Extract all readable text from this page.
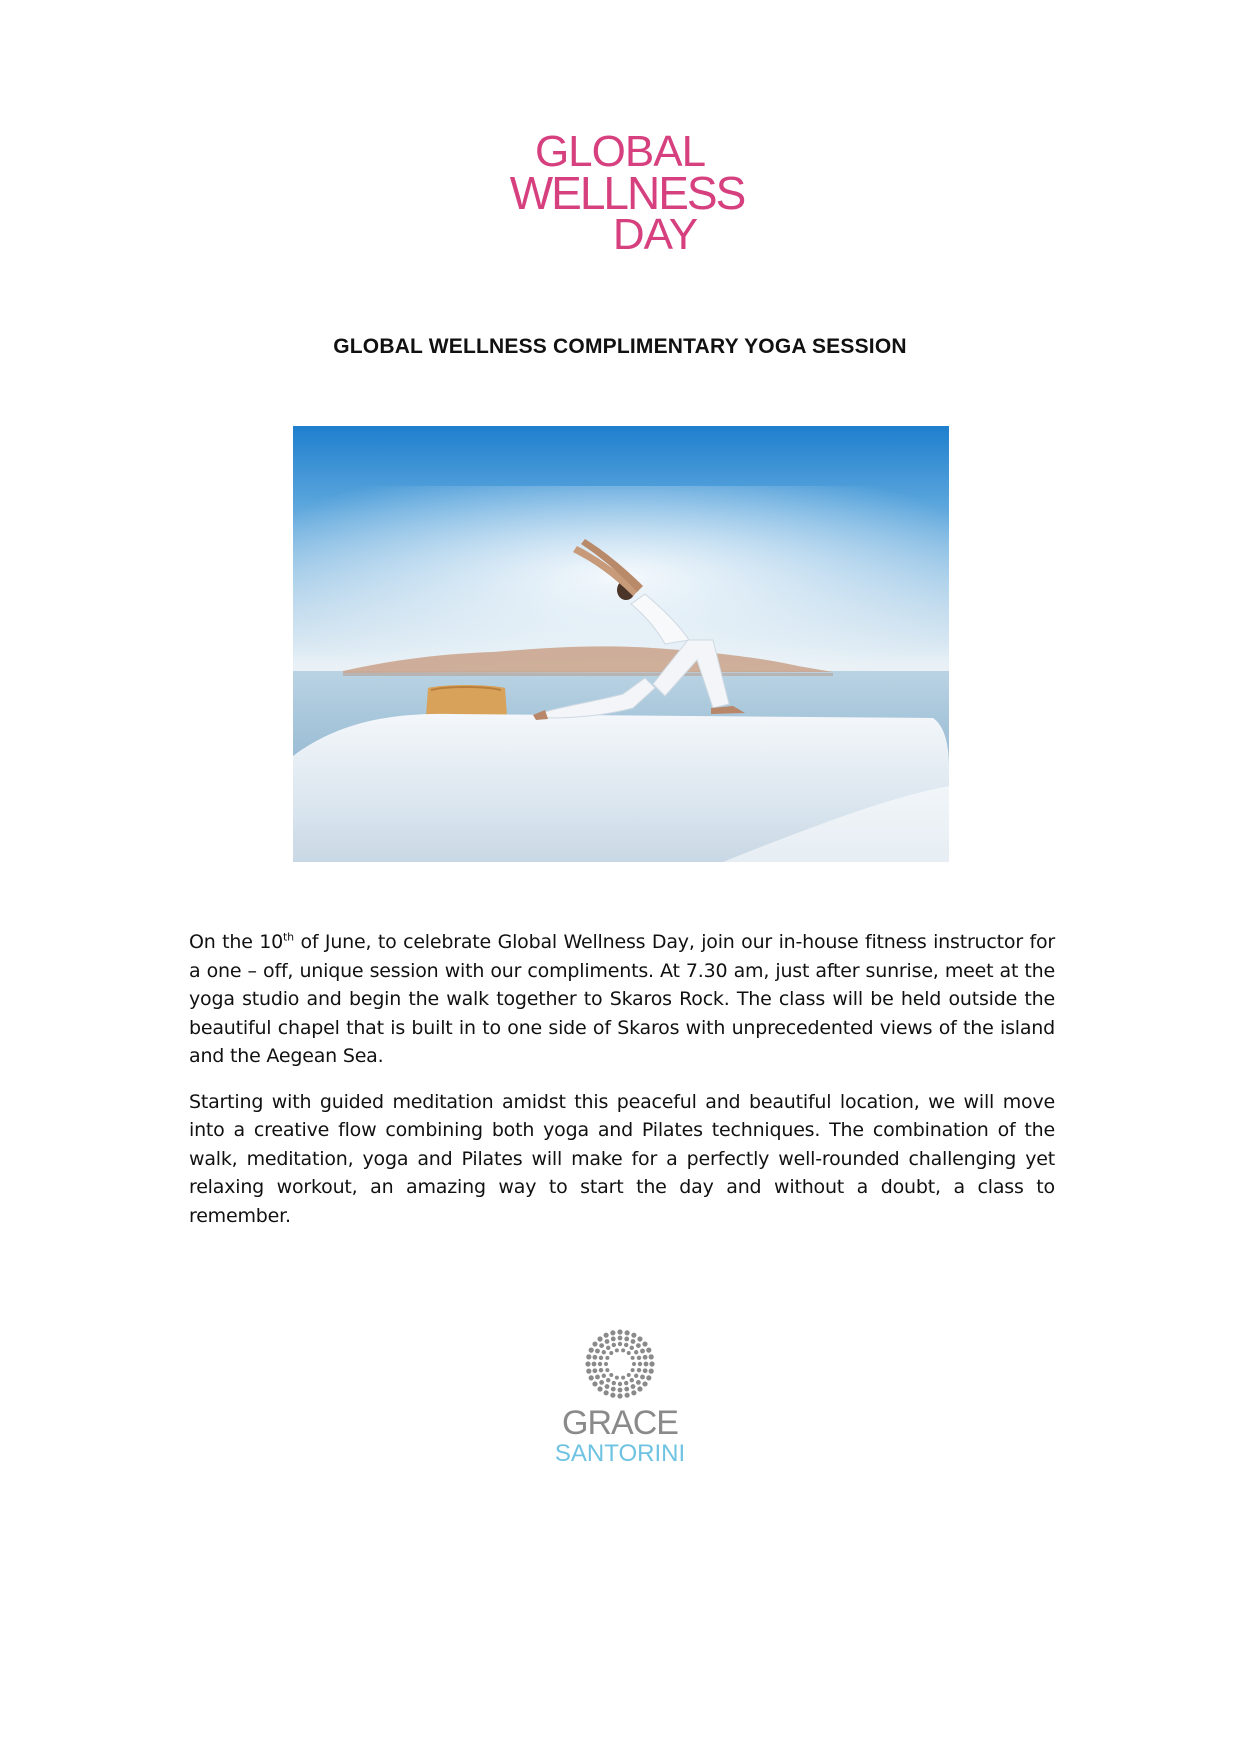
GLOBAL
WELLNESS
DAY
GLOBAL WELLNESS COMPLIMENTARY YOGA SESSION

On the 10th of June, to celebrate Global Wellness Day, join our in-house fitness instructor for a one – off, unique session with our compliments. At 7.30 am, just after sunrise, meet at the yoga studio and begin the walk together to Skaros Rock. The class will be held outside the beautiful chapel that is built in to one side of Skaros with unprecedented views of the island and the Aegean Sea.

Starting with guided meditation amidst this peaceful and beautiful location, we will move into a creative flow combining both yoga and Pilates techniques. The combination of the walk, meditation, yoga and Pilates will make for a perfectly well-rounded challenging yet relaxing workout, an amazing way to start the day and without a doubt, a class to remember.

GRACE
SANTORINI
